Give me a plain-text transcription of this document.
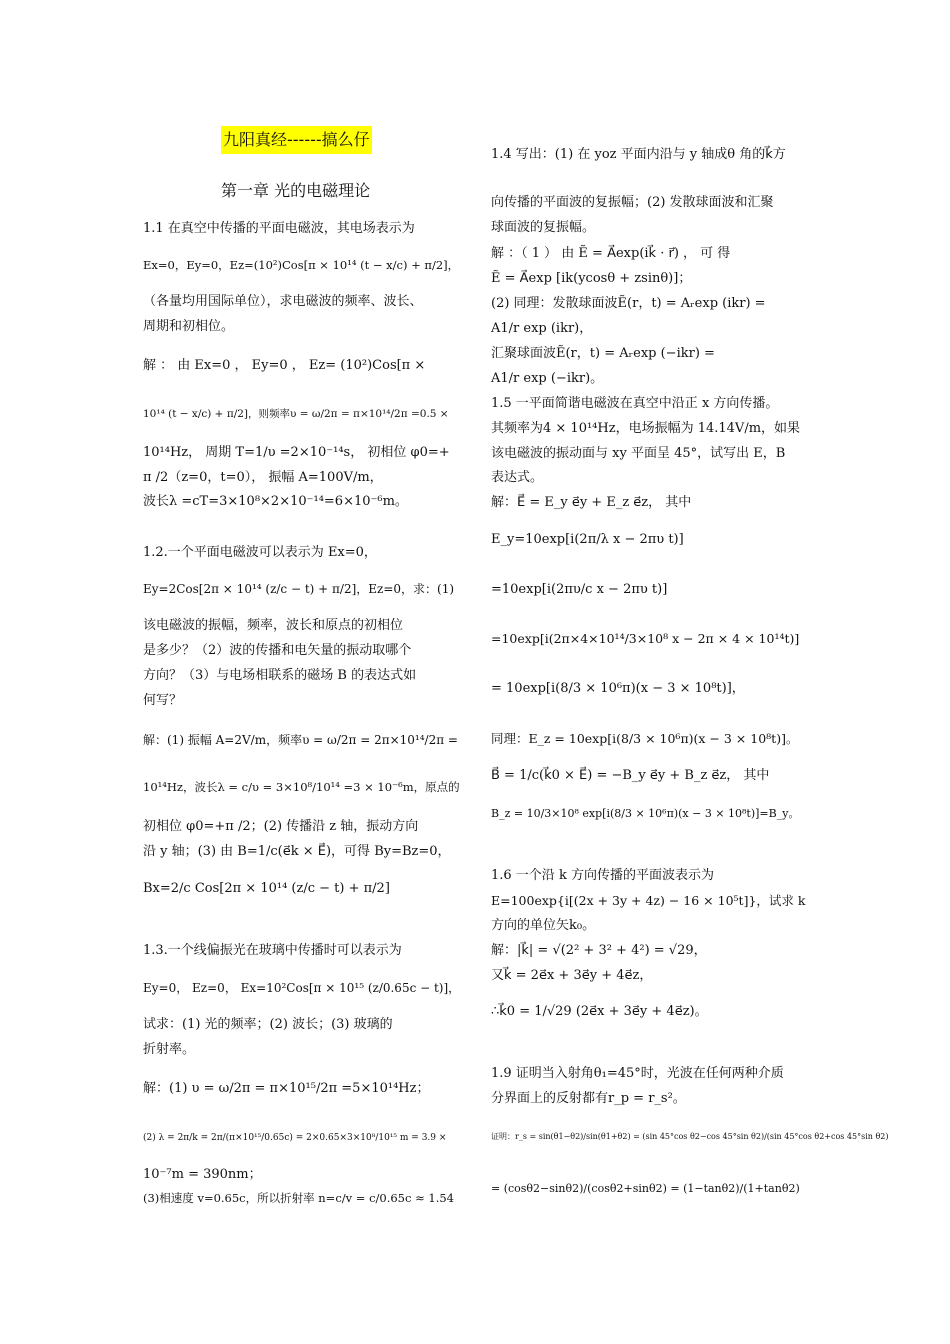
九阳真经------搞么仔
第一章 光的电磁理论
1.1 在真空中传播的平面电磁波，其电场表示为
Ex=0，Ey=0，Ez=(10²)Cos[π × 10¹⁴ (t − x/c) + π/2]，
（各量均用国际单位），求电磁波的频率、波长、
周期和初相位。
解 ： 由 Ex=0 ， Ey=0 ， Ez= (10²)Cos[π ×
10¹⁴ (t − x/c) + π/2]，则频率υ = ω/2π = π×10¹⁴/2π =0.5 ×
10¹⁴Hz， 周期 T=1/υ =2×10⁻¹⁴s， 初相位 φ0=+
π /2（z=0，t=0）， 振幅 A=100V/m，
波长λ =cT=3×10⁸×2×10⁻¹⁴=6×10⁻⁶m。
1.2.一个平面电磁波可以表示为 Ex=0，
Ey=2Cos[2π × 10¹⁴ (z/c − t) + π/2]，Ez=0，求：(1)
该电磁波的振幅，频率，波长和原点的初相位
是多少？（2）波的传播和电矢量的振动取哪个
方向？（3）与电场相联系的磁场 B 的表达式如
何写？
解：(1) 振幅 A=2V/m，频率υ = ω/2π = 2π×10¹⁴/2π =
10¹⁴Hz，波长λ = c/υ = 3×10⁸/10¹⁴ =3 × 10⁻⁶m，原点的
初相位 φ0=+π /2；(2) 传播沿 z 轴，振动方向
沿 y 轴；(3) 由 B=1/c(e⃗k × E⃗)，可得 By=Bz=0，
Bx=2/c Cos[2π × 10¹⁴ (z/c − t) + π/2]
1.3.一个线偏振光在玻璃中传播时可以表示为
Ey=0， Ez=0， Ex=10²Cos[π × 10¹⁵ (z/0.65c − t)]，
试求：(1) 光的频率；(2) 波长；(3) 玻璃的
折射率。
解：(1) υ = ω/2π = π×10¹⁵/2π =5×10¹⁴Hz；
(2) λ = 2π/k = 2π/(π×10¹⁵/0.65c) = 2×0.65×3×10⁸/10¹⁵ m = 3.9 ×
10⁻⁷m = 390nm；
(3)相速度 v=0.65c，所以折射率 n=c/v = c/0.65c ≈ 1.54
1.4 写出：(1) 在 yoz 平面内沿与 y 轴成θ 角的k⃗方
向传播的平面波的复振幅；(2) 发散球面波和汇聚
球面波的复振幅。
解 ：（ 1 ） 由 Ẽ = A⃗exp(ik⃗ · r⃗) ， 可 得
Ẽ = A⃗exp [ik(ycosθ + zsinθ)]；
(2) 同理：发散球面波Ẽ(r，t) = Aᵣexp (ikr) =
A1/r exp (ikr)，
汇聚球面波Ẽ(r，t) = Aᵣexp (−ikr) =
A1/r exp (−ikr)。
1.5 一平面简谐电磁波在真空中沿正 x 方向传播。
其频率为4 × 10¹⁴Hz，电场振幅为 14.14V/m，如果
该电磁波的振动面与 xy 平面呈 45°，试写出 E，B
表达式。
解：E⃗ = E_y e⃗y + E_z e⃗z， 其中
E_y=10exp[i(2π/λ x − 2πυ t)]
=10exp[i(2πυ/c x − 2πυ t)]
=10exp[i(2π×4×10¹⁴/3×10⁸ x − 2π × 4 × 10¹⁴t)]
= 10exp[i(8/3 × 10⁶π)(x − 3 × 10⁸t)]，
同理：E_z = 10exp[i(8/3 × 10⁶π)(x − 3 × 10⁸t)]。
B⃗ = 1/c(k⃗0 × E⃗) = −B_y e⃗y + B_z e⃗z， 其中
B_z = 10/3×10⁸ exp[i(8/3 × 10⁶π)(x − 3 × 10⁸t)]=B_y。
1.6 一个沿 k 方向传播的平面波表示为
E=100exp{i[(2x + 3y + 4z) − 16 × 10⁵t]}，试求 k
方向的单位矢k₀。
解：|k⃗| = √(2² + 3² + 4²) = √29，
又k⃗ = 2e⃗x + 3e⃗y + 4e⃗z，
∴k⃗0 = 1/√29 (2e⃗x + 3e⃗y + 4e⃗z)。
1.9 证明当入射角θ₁=45°时，光波在任何两种介质
分界面上的反射都有r_p = r_s²。
证明：r_s = sin(θ1−θ2)/sin(θ1+θ2) = (sin 45°cos θ2−cos 45°sin θ2)/(sin 45°cos θ2+cos 45°sin θ2)
= (cosθ2−sinθ2)/(cosθ2+sinθ2) = (1−tanθ2)/(1+tanθ2)
